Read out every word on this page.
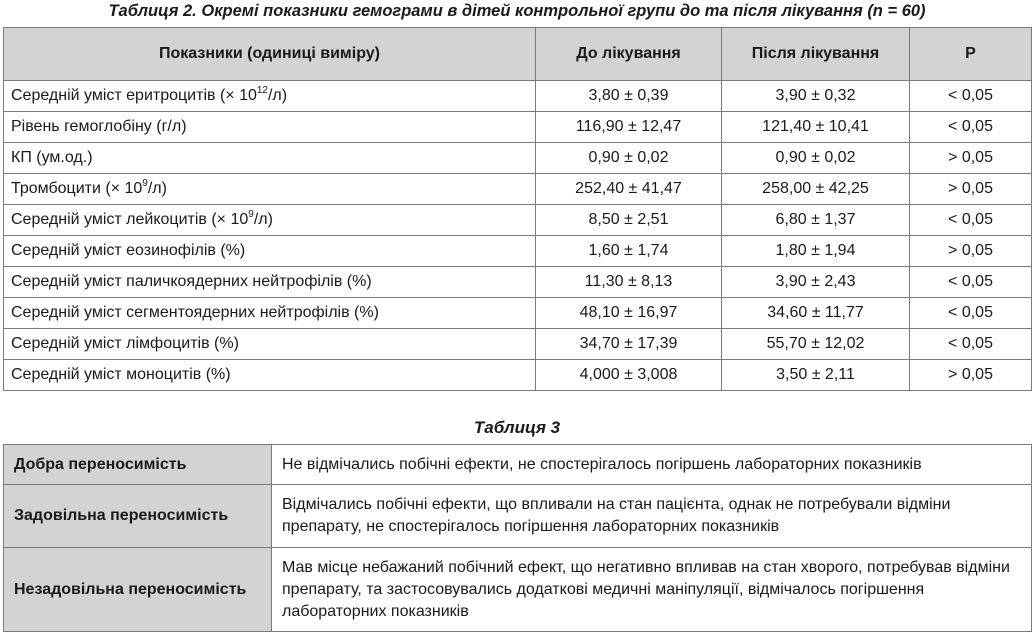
Таблиця 2. Окремі показники гемограми в дітей контрольної групи до та після лікування (n = 60)
Показники (одиниці виміру)	До лікування	Після лікування	P
Середній уміст еритроцитів (× $10^{12}/л$)	3,80 ± 0,39	3,90 ± 0,32	< 0,05
Рівень гемоглобіну (г/л)	116,90 ± 12,47	121,40 ± 10,41	< 0,05
КП (ум.од.)	0,90 ± 0,02	0,90 ± 0,02	> 0,05
Тромбоцити (× $10^9/л$)	252,40 ± 41,47	258,00 ± 42,25	> 0,05
Середній уміст лейкоцитів (× $10^9/л$)	8,50 ± 2,51	6,80 ± 1,37	< 0,05
Середній уміст еозинофілів (%)	1,60 ± 1,74	1,80 ± 1,94	> 0,05
Середній уміст паличкоядерних нейтрофілів (%)	11,30 ± 8,13	3,90 ± 2,43	< 0,05
Середній уміст сегментоядерних нейтрофілів (%)	48,10 ± 16,97	34,60 ± 11,77	< 0,05
Середній уміст лімфоцитів (%)	34,70 ± 17,39	55,70 ± 12,02	< 0,05
Середній уміст моноцитів (%)	4,000 ± 3,008	3,50 ± 2,11	> 0,05
Таблиця 3
Добра переносимість	Не відмічались побічні ефекти, не спостерігалось погіршень лабораторних показників
Задовільна переносимість	Відмічались побічні ефекти, що впливали на стан пацієнта, однак не потребували відміни препарату, не спостерігалось погіршення лабораторних показників
Незадовільна переносимість	Мав місце небажаний побічний ефект, що негативно впливав на стан хворого, потребував відміни препарату, та застосовувались додаткові медичні маніпуляції, відмічалось погіршення лабораторних показників
